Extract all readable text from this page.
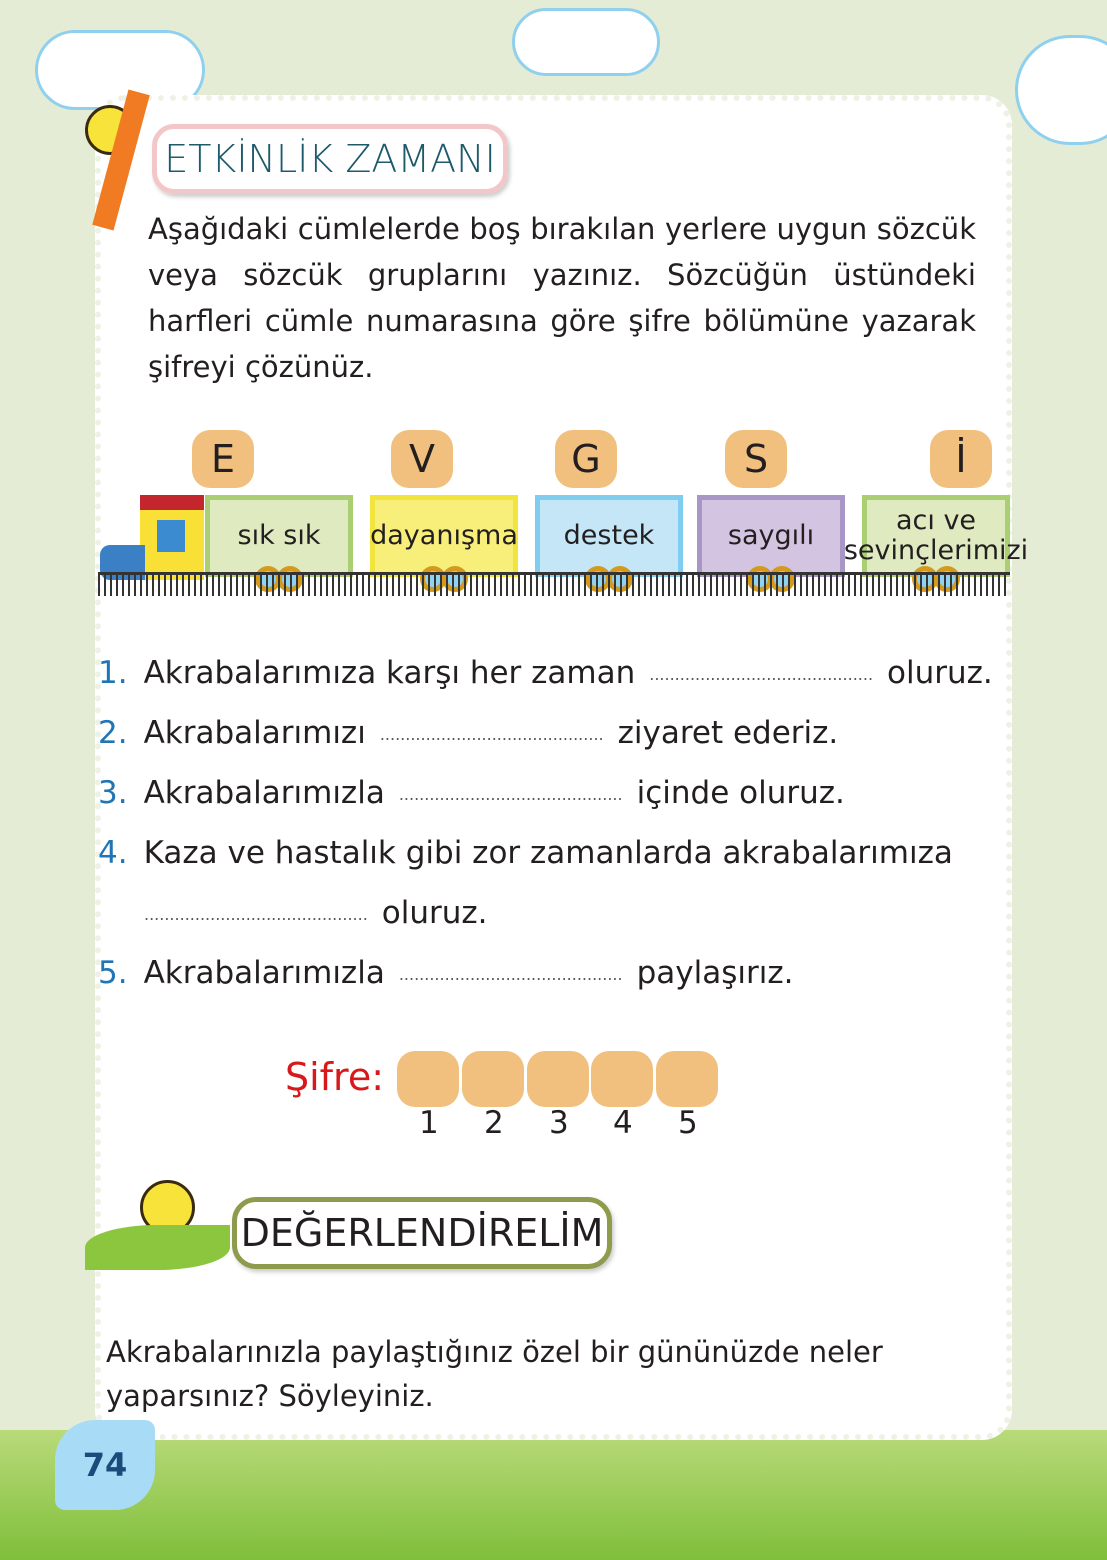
ETKİNLİK ZAMANI
Aşağıdaki cümlelerde boş bırakılan yerlere uygun sözcük veya sözcük gruplarını yazınız. Sözcüğün üstündeki harfleri cümle numarasına göre şifre bölümüne yazarak şifreyi çözünüz.
E
sık sık
V
dayanışma
G
destek
S
saygılı
İ
acı ve sevinçlerimizi
1. Akrabalarımıza karşı her zaman ............................................ oluruz.
2. Akrabalarımızı ............................................ ziyaret ederiz.
3. Akrabalarımızla ............................................ içinde oluruz.
4. Kaza ve hastalık gibi zor zamanlarda akrabalarımıza
............................................ oluruz.
5. Akrabalarımızla ............................................ paylaşırız.
Şifre:
1 2 3 4 5
DEĞERLENDİRELİM
Akrabalarınızla paylaştığınız özel bir gününüzde neler yaparsınız? Söyleyiniz.
74
